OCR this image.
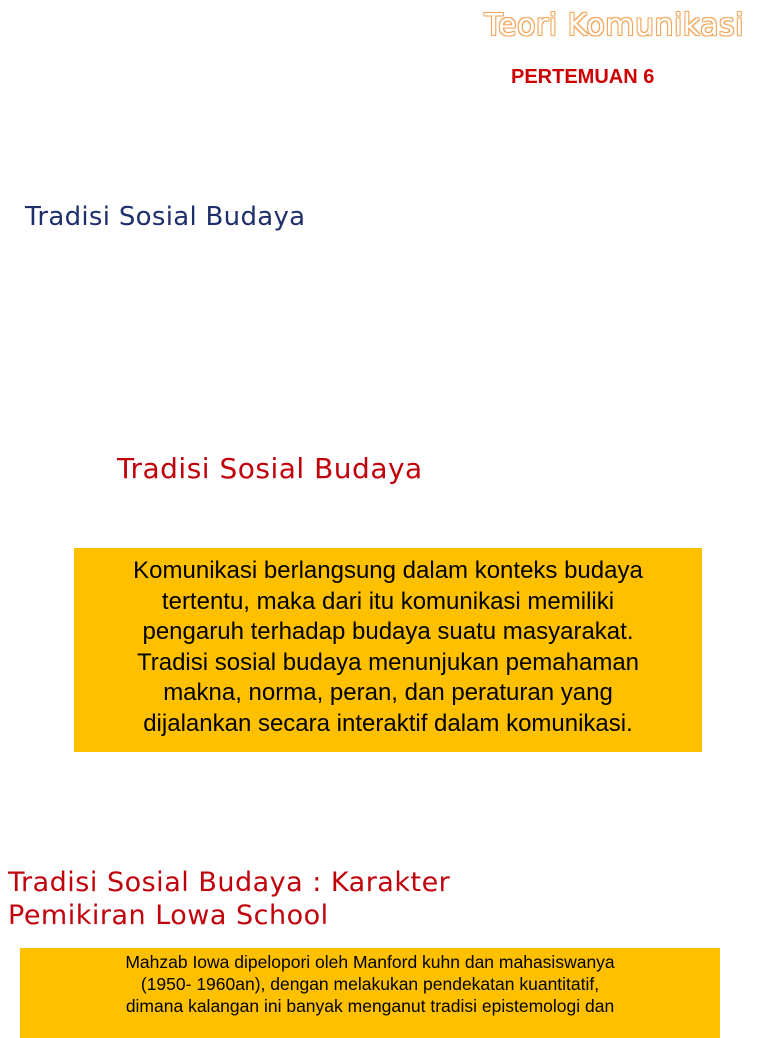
Teori Komunikasi
PERTEMUAN 6
Tradisi Sosial Budaya
Tradisi Sosial Budaya
Komunikasi berlangsung dalam konteks budaya
tertentu, maka dari itu komunikasi memiliki
pengaruh terhadap budaya suatu masyarakat.
Tradisi sosial budaya menunjukan pemahaman
makna, norma, peran, dan peraturan yang
dijalankan secara interaktif dalam komunikasi.
Tradisi Sosial Budaya : Karakter
Pemikiran Lowa School
Mahzab Iowa dipelopori oleh Manford kuhn dan mahasiswanya
(1950- 1960an), dengan melakukan pendekatan kuantitatif,
dimana kalangan ini banyak menganut tradisi epistemologi dan
